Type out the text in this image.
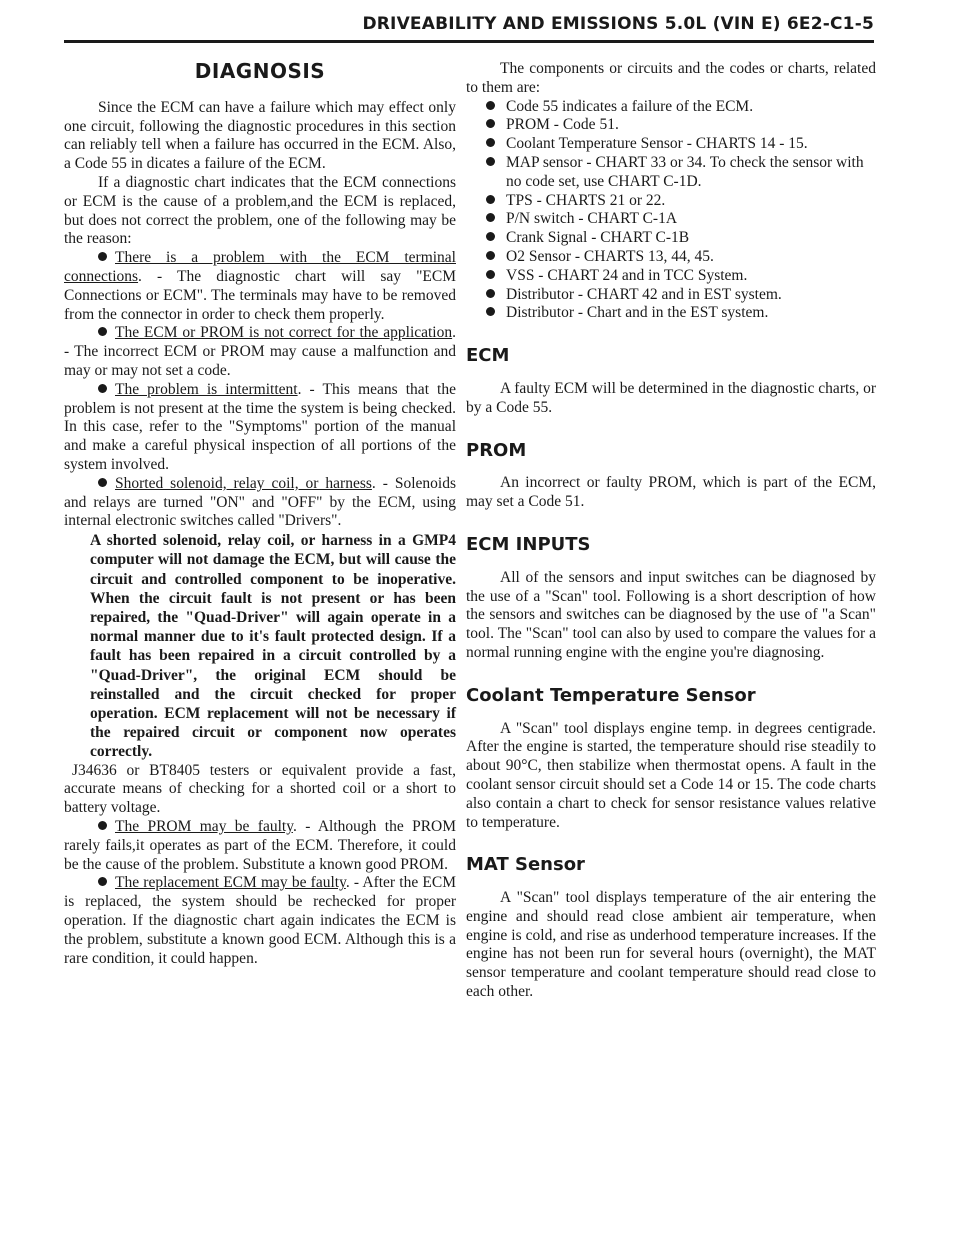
DRIVEABILITY AND EMISSIONS 5.0L (VIN E) 6E2-C1-5
DIAGNOSIS

Since the ECM can have a failure which may effect only one circuit, following the diagnostic procedures in this section can reliably tell when a failure has occurred in the ECM. Also, a Code 55 in dicates a failure of the ECM.

If a diagnostic chart indicates that the ECM connections or ECM is the cause of a problem,and the ECM is replaced, but does not correct the problem, one of the following may be the reason:

There is a problem with the ECM terminal connections. - The diagnostic chart will say "ECM Connections or ECM". The terminals may have to be removed from the connector in order to check them properly.

The ECM or PROM is not correct for the application. - The incorrect ECM or PROM may cause a malfunction and may or may not set a code.

The problem is intermittent. - This means that the problem is not present at the time the system is being checked. In this case, refer to the "Symptoms" portion of the manual and make a careful physical inspection of all portions of the system involved.

Shorted solenoid, relay coil, or harness. - Solenoids and relays are turned "ON" and "OFF" by the ECM, using internal electronic switches called "Drivers".

A shorted solenoid, relay coil, or harness in a GMP4 computer will not damage the ECM, but will cause the circuit and controlled component to be inoperative. When the circuit fault is not present or has been repaired, the "Quad-Driver" will again operate in a normal manner due to it's fault protected design. If a fault has been repaired in a circuit controlled by a "Quad-Driver", the original ECM should be reinstalled and the circuit checked for proper operation. ECM replacement will not be necessary if the repaired circuit or component now operates correctly.

J34636 or BT8405 testers or equivalent provide a fast, accurate means of checking for a shorted coil or a short to battery voltage.

The PROM may be faulty. - Although the PROM rarely fails,it operates as part of the ECM. Therefore, it could be the cause of the problem. Substitute a known good PROM.

The replacement ECM may be faulty. - After the ECM is replaced, the system should be rechecked for proper operation. If the diagnostic chart again indicates the ECM is the problem, substitute a known good ECM. Although this is a rare condition, it could happen.

The components or circuits and the codes or charts, related to them are:

Code 55 indicates a failure of the ECM.
PROM - Code 51.
Coolant Temperature Sensor - CHARTS 14 - 15.
MAP sensor - CHART 33 or 34. To check the sensor with no code set, use CHART C-1D.
TPS - CHARTS 21 or 22.
P/N switch - CHART C-1A
Crank Signal - CHART C-1B
O2 Sensor - CHARTS 13, 44, 45.
VSS - CHART 24 and in TCC System.
Distributor - CHART 42 and in EST system.
Distributor - Chart and in the EST system.
ECM

A faulty ECM will be determined in the diagnostic charts, or by a Code 55.

PROM

An incorrect or faulty PROM, which is part of the ECM, may set a Code 51.

ECM INPUTS

All of the sensors and input switches can be diagnosed by the use of a "Scan" tool. Following is a short description of how the sensors and switches can be diagnosed by the use of "a Scan" tool. The "Scan" tool can also by used to compare the values for a normal running engine with the engine you're diagnosing.

Coolant Temperature Sensor

A "Scan" tool displays engine temp. in degrees centigrade. After the engine is started, the temperature should rise steadily to about 90°C, then stabilize when thermostat opens. A fault in the coolant sensor circuit should set a Code 14 or 15. The code charts also contain a chart to check for sensor resistance values relative to temperature.

MAT Sensor

A "Scan" tool displays temperature of the air entering the engine and should read close ambient air temperature, when engine is cold, and rise as underhood temperature increases. If the engine has not been run for several hours (overnight), the MAT sensor temperature and coolant temperature should read close to each other.
